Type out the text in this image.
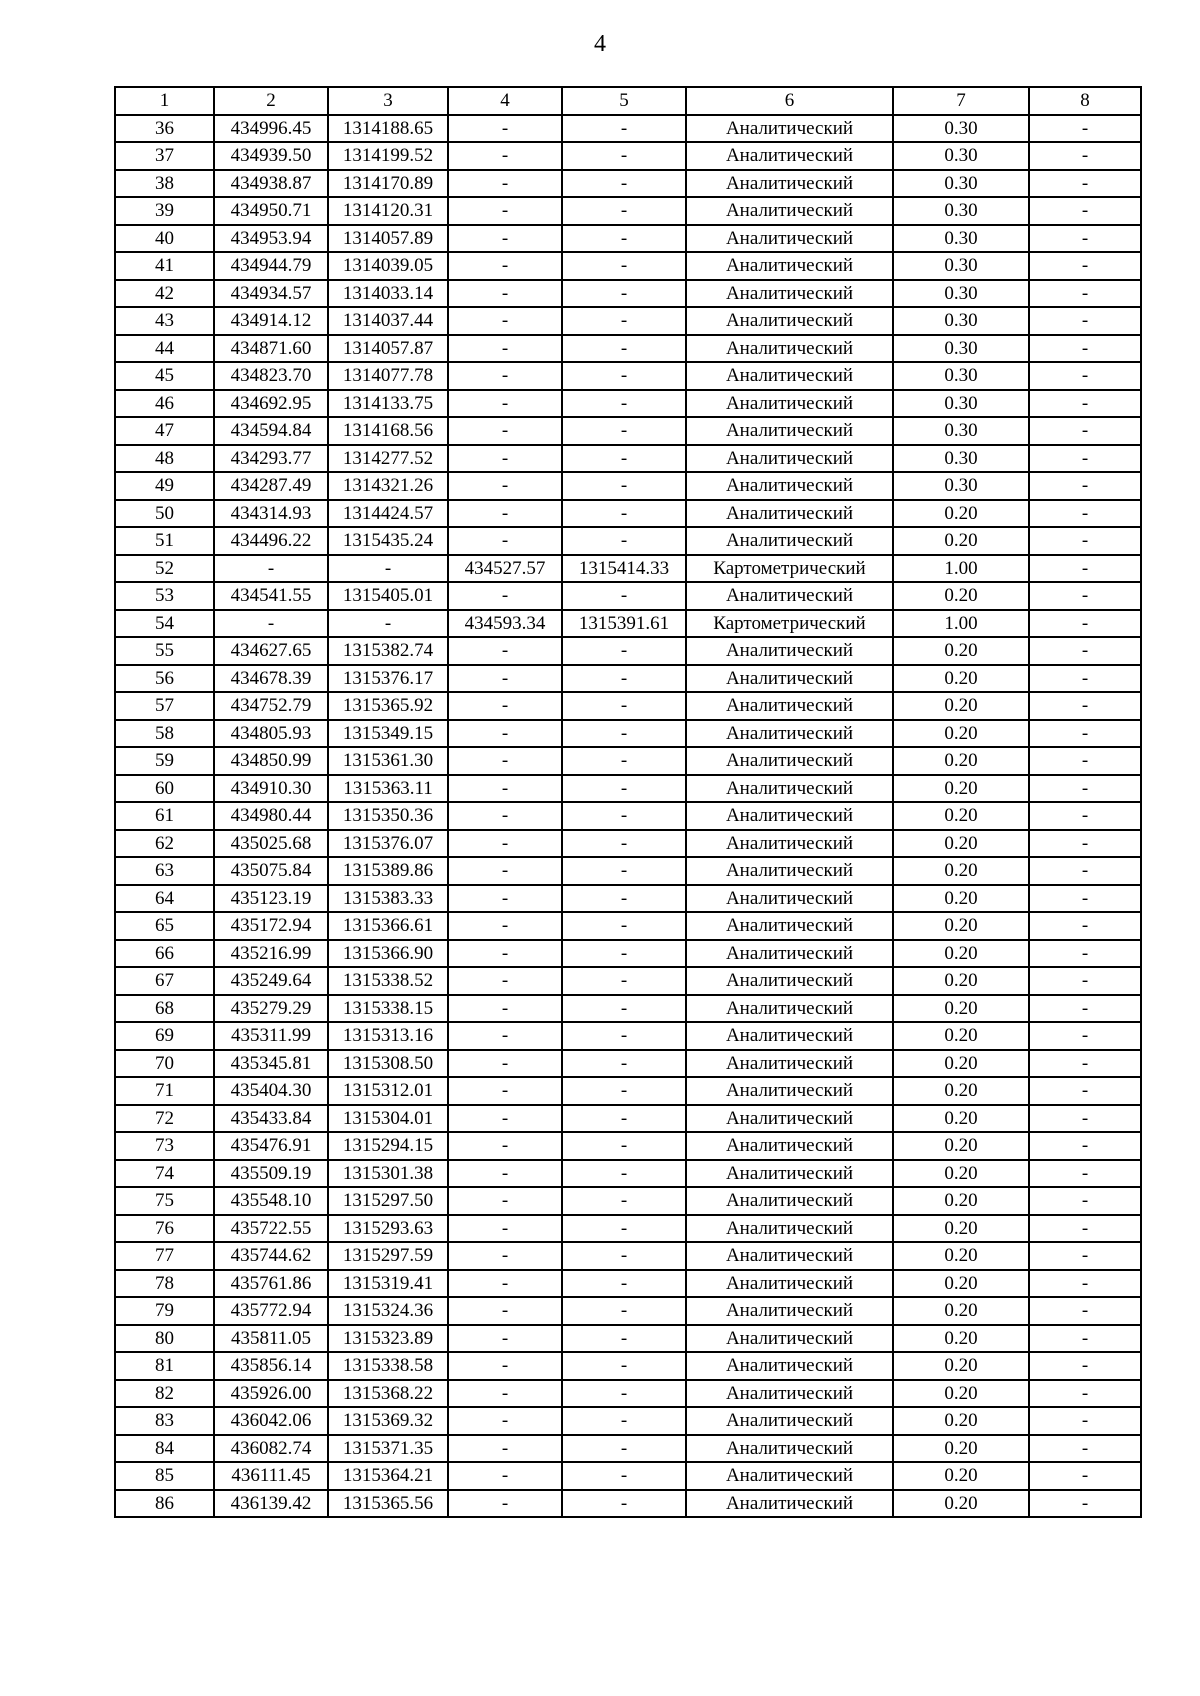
4
1	2	3	4	5	6	7	8
36	434996.45	1314188.65	-	-	Аналитический	0.30	-
37	434939.50	1314199.52	-	-	Аналитический	0.30	-
38	434938.87	1314170.89	-	-	Аналитический	0.30	-
39	434950.71	1314120.31	-	-	Аналитический	0.30	-
40	434953.94	1314057.89	-	-	Аналитический	0.30	-
41	434944.79	1314039.05	-	-	Аналитический	0.30	-
42	434934.57	1314033.14	-	-	Аналитический	0.30	-
43	434914.12	1314037.44	-	-	Аналитический	0.30	-
44	434871.60	1314057.87	-	-	Аналитический	0.30	-
45	434823.70	1314077.78	-	-	Аналитический	0.30	-
46	434692.95	1314133.75	-	-	Аналитический	0.30	-
47	434594.84	1314168.56	-	-	Аналитический	0.30	-
48	434293.77	1314277.52	-	-	Аналитический	0.30	-
49	434287.49	1314321.26	-	-	Аналитический	0.30	-
50	434314.93	1314424.57	-	-	Аналитический	0.20	-
51	434496.22	1315435.24	-	-	Аналитический	0.20	-
52	-	-	434527.57	1315414.33	Картометрический	1.00	-
53	434541.55	1315405.01	-	-	Аналитический	0.20	-
54	-	-	434593.34	1315391.61	Картометрический	1.00	-
55	434627.65	1315382.74	-	-	Аналитический	0.20	-
56	434678.39	1315376.17	-	-	Аналитический	0.20	-
57	434752.79	1315365.92	-	-	Аналитический	0.20	-
58	434805.93	1315349.15	-	-	Аналитический	0.20	-
59	434850.99	1315361.30	-	-	Аналитический	0.20	-
60	434910.30	1315363.11	-	-	Аналитический	0.20	-
61	434980.44	1315350.36	-	-	Аналитический	0.20	-
62	435025.68	1315376.07	-	-	Аналитический	0.20	-
63	435075.84	1315389.86	-	-	Аналитический	0.20	-
64	435123.19	1315383.33	-	-	Аналитический	0.20	-
65	435172.94	1315366.61	-	-	Аналитический	0.20	-
66	435216.99	1315366.90	-	-	Аналитический	0.20	-
67	435249.64	1315338.52	-	-	Аналитический	0.20	-
68	435279.29	1315338.15	-	-	Аналитический	0.20	-
69	435311.99	1315313.16	-	-	Аналитический	0.20	-
70	435345.81	1315308.50	-	-	Аналитический	0.20	-
71	435404.30	1315312.01	-	-	Аналитический	0.20	-
72	435433.84	1315304.01	-	-	Аналитический	0.20	-
73	435476.91	1315294.15	-	-	Аналитический	0.20	-
74	435509.19	1315301.38	-	-	Аналитический	0.20	-
75	435548.10	1315297.50	-	-	Аналитический	0.20	-
76	435722.55	1315293.63	-	-	Аналитический	0.20	-
77	435744.62	1315297.59	-	-	Аналитический	0.20	-
78	435761.86	1315319.41	-	-	Аналитический	0.20	-
79	435772.94	1315324.36	-	-	Аналитический	0.20	-
80	435811.05	1315323.89	-	-	Аналитический	0.20	-
81	435856.14	1315338.58	-	-	Аналитический	0.20	-
82	435926.00	1315368.22	-	-	Аналитический	0.20	-
83	436042.06	1315369.32	-	-	Аналитический	0.20	-
84	436082.74	1315371.35	-	-	Аналитический	0.20	-
85	436111.45	1315364.21	-	-	Аналитический	0.20	-
86	436139.42	1315365.56	-	-	Аналитический	0.20	-
